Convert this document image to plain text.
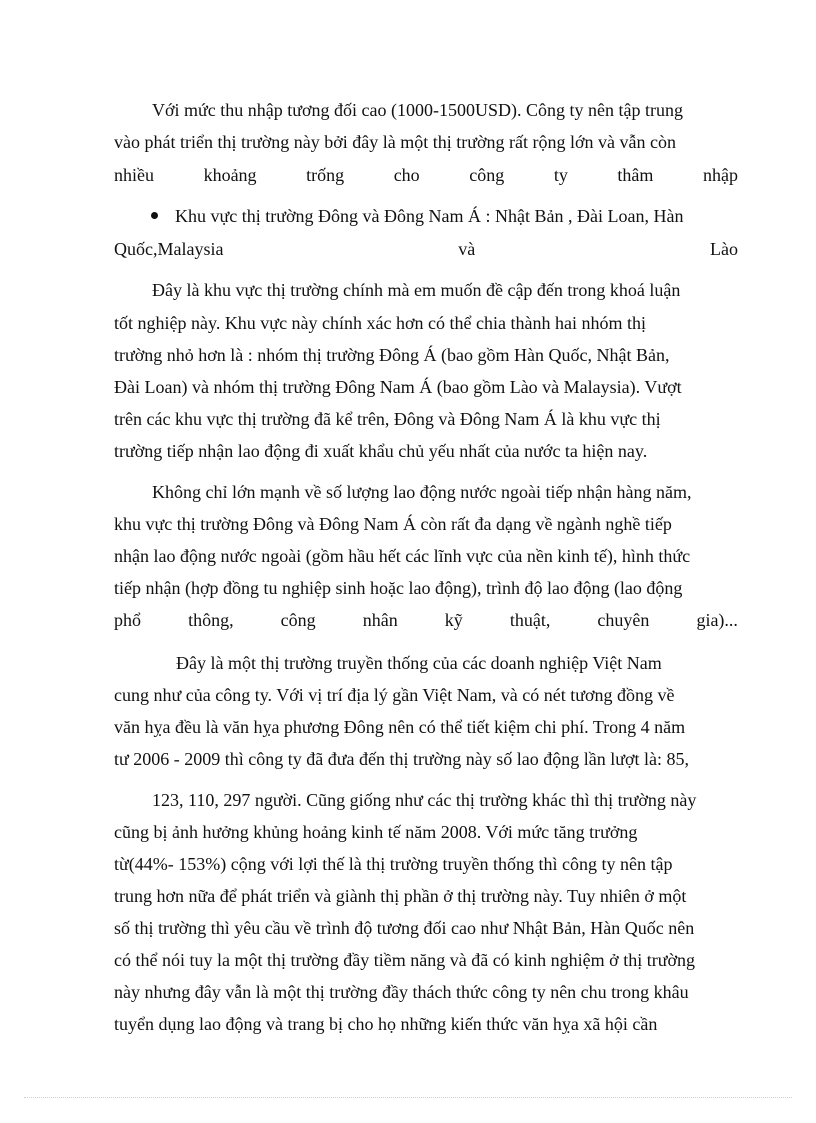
Với mức thu nhập tương đối cao (1000-1500USD). Công ty nên tập trung

vào phát triển thị trường này bởi đây là một thị trường rất rộng lớn và vẫn còn

nhiều	khoảng	trống	cho	công	ty	thâm	nhập

Khu vực thị trường Đông và Đông Nam Á : Nhật Bản , Đài Loan, Hàn

Quốc,Malaysia	và	Lào

Đây là khu vực thị trường chính mà em muốn đề cập đến trong khoá luận

tốt nghiệp này. Khu vực này chính xác hơn có thể chia thành hai nhóm thị

trường nhỏ hơn là : nhóm thị trường Đông Á (bao gồm Hàn Quốc, Nhật Bản,

Đài Loan) và nhóm thị trường Đông Nam Á (bao gồm Lào và Malaysia). Vượt

trên các khu vực thị trường đã kể trên, Đông và Đông Nam Á là khu vực thị

trường tiếp nhận lao động đi xuất khẩu chủ yếu nhất của nước ta hiện nay.

Không chỉ lớn mạnh về số lượng lao động nước ngoài tiếp nhận hàng năm,

khu vực thị trường Đông và Đông Nam Á còn rất đa dạng về ngành nghề tiếp

nhận lao động nước ngoài (gồm hầu hết các lĩnh vực của nền kinh tế), hình thức

tiếp nhận (hợp đồng tu nghiệp sinh hoặc lao động), trình độ lao động (lao động

phổ	thông,	công	nhân	kỹ	thuật,	chuyên	gia)...

Đây là một thị trường truyền thống của các doanh nghiệp Việt Nam

cung như của công ty. Với vị trí địa lý gần Việt Nam, và có nét tương đồng về

văn hỵa đều là văn hỵa phương Đông nên có thể tiết kiệm chi phí. Trong 4 năm

tư 2006 - 2009 thì công ty đã đưa đến thị trường này số lao động lần lượt là: 85,

123, 110, 297 người. Cũng giống như các thị trường khác thì thị trường này

cũng bị ảnh hưởng khủng hoảng kinh tế năm 2008. Với mức tăng trưởng

từ(44%- 153%) cộng với lợi thế là thị trường truyền thống thì công ty nên tập

trung hơn nữa để phát triển và giành thị phần ở thị trường này. Tuy nhiên ở một

số thị trường thì yêu cầu về trình độ tương đối cao như Nhật Bản, Hàn Quốc nên

có thể nói tuy la một thị trường đầy tiềm năng và đã có kinh nghiệm ở thị trường

này nhưng đây vẫn là một thị trường đầy thách thức công ty nên chu trong khâu

tuyển dụng lao động và trang bị cho họ những kiến thức văn hỵa xã hội cần
